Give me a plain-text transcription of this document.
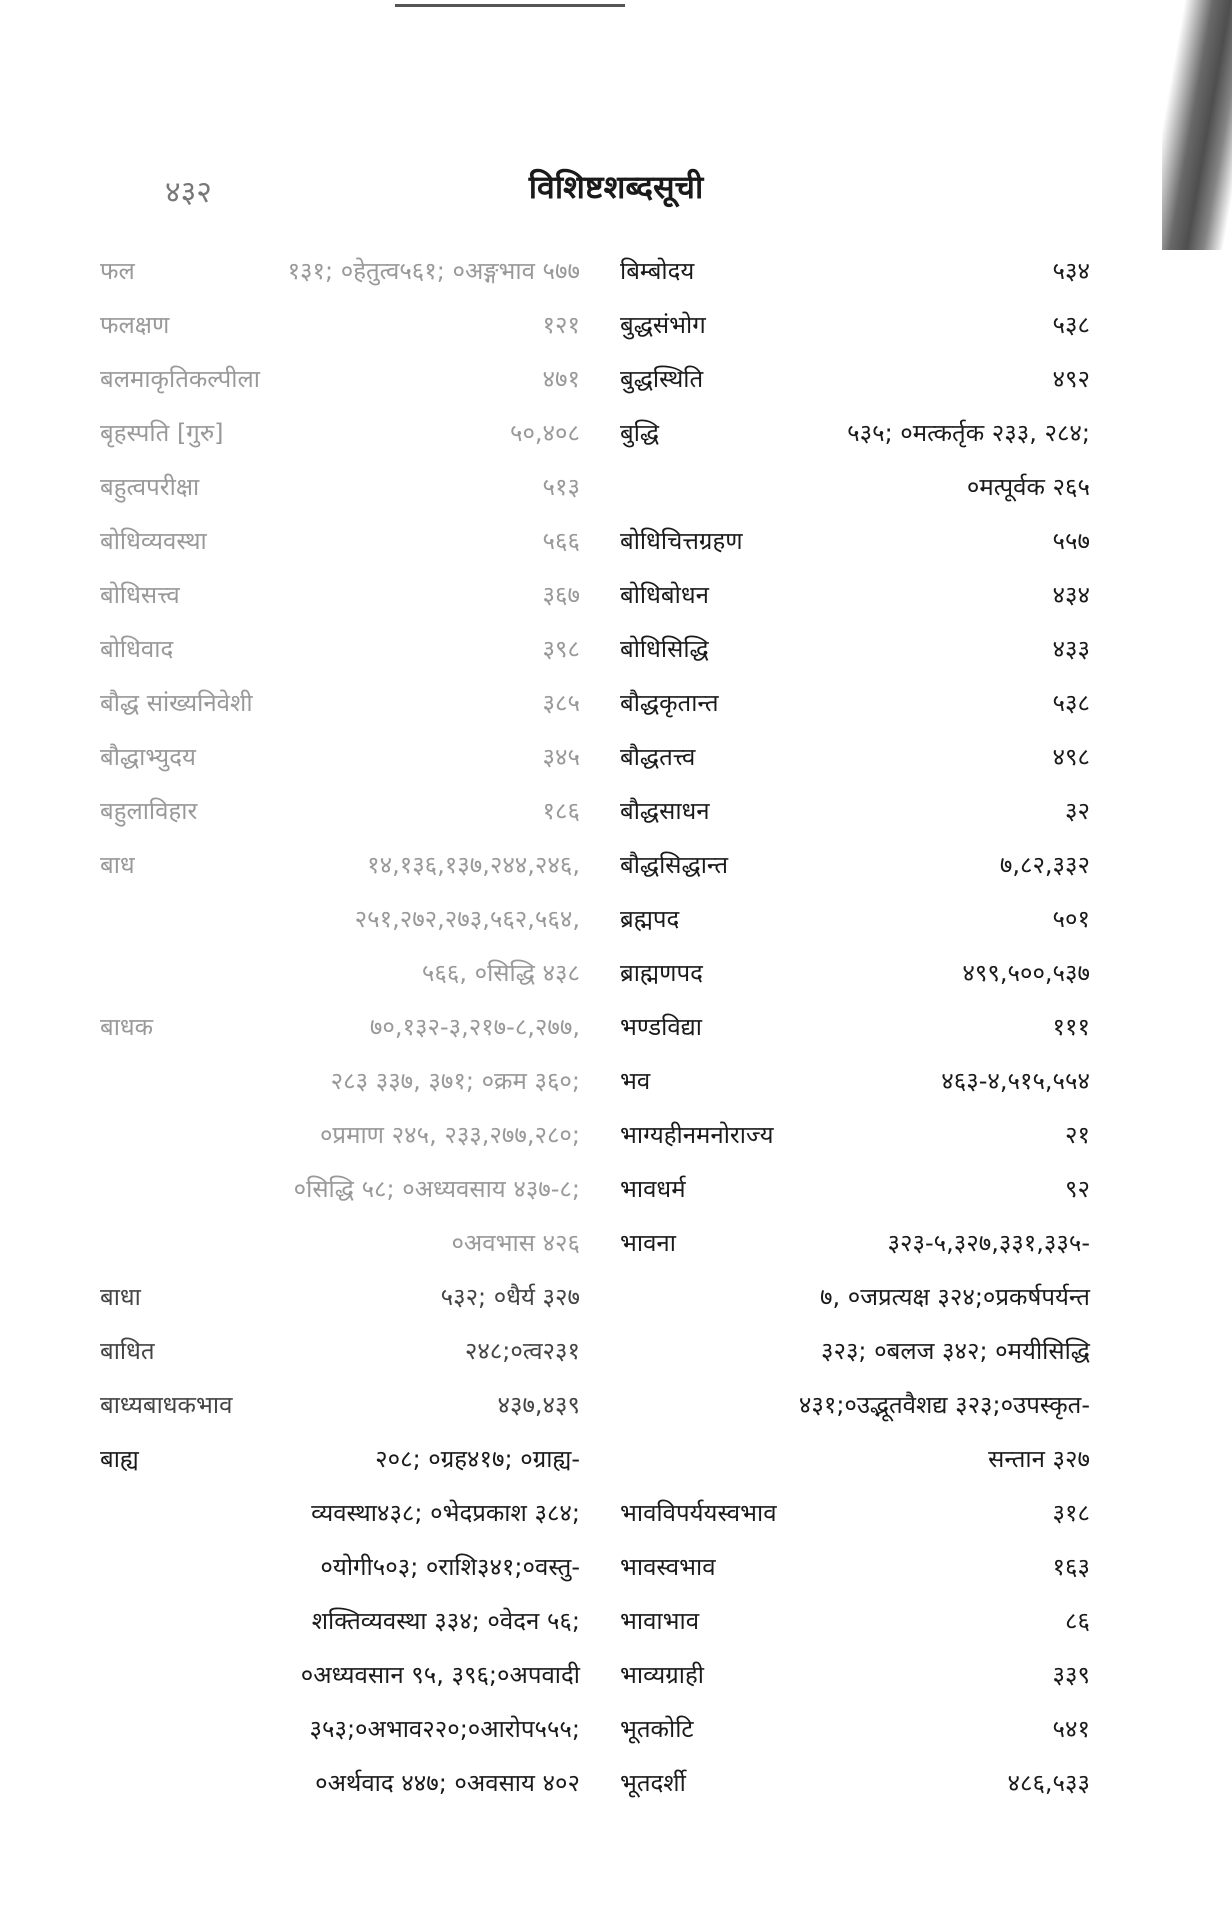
४३२	विशिष्टशब्दसूची
फल	१३१; ०हेतुत्व५६१; ०अङ्गभाव ५७७
फलक्षण	१२१
बलमाकृतिकल्पीला	४७१
बृहस्पति [गुरु]	५०,४०८
बहुत्वपरीक्षा	५१३
बोधिव्यवस्था	५६६
बोधिसत्त्व	३६७
बोधिवाद	३९८
बौद्ध सांख्यनिवेशी	३८५
बौद्धाभ्युदय	३४५
बहुलाविहार	१८६
बाध	१४,१३६,१३७,२४४,२४६,
२५१,२७२,२७३,५६२,५६४,
५६६, ०सिद्धि ४३८
बाधक	७०,१३२-३,२१७-८,२७७,
२८३ ३३७, ३७१; ०क्रम ३६०;
०प्रमाण २४५, २३३,२७७,२८०;
०सिद्धि ५८; ०अध्यवसाय ४३७-८;
०अवभास ४२६
बाधा	५३२; ०धैर्य ३२७
बाधित	२४८;०त्व२३१
बाध्यबाधकभाव	४३७,४३९
बाह्य	२०८; ०ग्रह४१७; ०ग्राह्य-
व्यवस्था४३८; ०भेदप्रकाश ३८४;
०योगी५०३; ०राशि३४१;०वस्तु-
शक्तिव्यवस्था ३३४; ०वेदन ५६;
०अध्यवसान ९५, ३९६;०अपवादी
३५३;०अभाव२२०;०आरोप५५५;
०अर्थवाद ४४७; ०अवसाय ४०२
बिम्बोदय	५३४
बुद्धसंभोग	५३८
बुद्धस्थिति	४९२
बुद्धि	५३५; ०मत्कर्तृक २३३, २८४;
०मत्पूर्वक २६५
बोधिचित्तग्रहण	५५७
बोधिबोधन	४३४
बोधिसिद्धि	४३३
बौद्धकृतान्त	५३८
बौद्धतत्त्व	४९८
बौद्धसाधन	३२
बौद्धसिद्धान्त	७,८२,३३२
ब्रह्मपद	५०१
ब्राह्मणपद	४९९,५००,५३७
भण्डविद्या	१११
भव	४६३-४,५१५,५५४
भाग्यहीनमनोराज्य	२१
भावधर्म	९२
भावना	३२३-५,३२७,३३१,३३५-
७, ०जप्रत्यक्ष ३२४;०प्रकर्षपर्यन्त
३२३; ०बलज ३४२; ०मयीसिद्धि
४३१;०उद्भूतवैशद्य ३२३;०उपस्कृत-
सन्तान ३२७
भावविपर्ययस्वभाव	३१८
भावस्वभाव	१६३
भावाभाव	८६
भाव्यग्राही	३३९
भूतकोटि	५४१
भूतदर्शी	४८६,५३३
